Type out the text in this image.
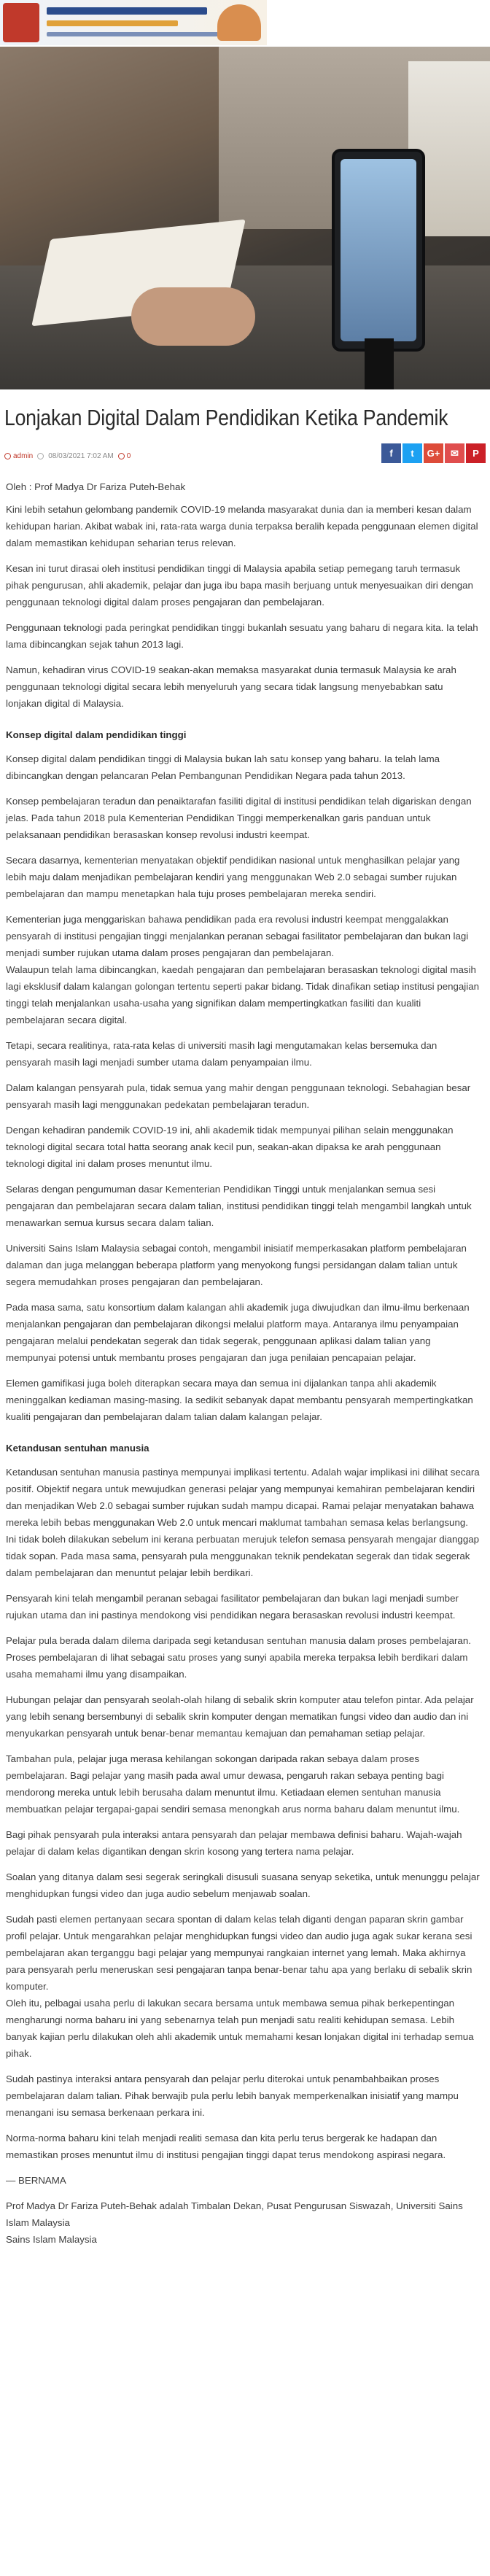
Lonjakan Digital Dalam Pendidikan Ketika Pandemik
admin 08/03/2021 7:02 AM	0	f	t	G+	✉	P

Oleh : Prof Madya Dr Fariza Puteh-Behak

Kini lebih setahun gelombang pandemik COVID-19 melanda masyarakat dunia dan ia memberi kesan dalam kehidupan harian. Akibat wabak ini, rata-rata warga dunia terpaksa beralih kepada penggunaan elemen digital dalam memastikan kehidupan seharian terus relevan.

Kesan ini turut dirasai oleh institusi pendidikan tinggi di Malaysia apabila setiap pemegang taruh termasuk pihak pengurusan, ahli akademik, pelajar dan juga ibu bapa masih berjuang untuk menyesuaikan diri dengan penggunaan teknologi digital dalam proses pengajaran dan pembelajaran.

Penggunaan teknologi pada peringkat pendidikan tinggi bukanlah sesuatu yang baharu di negara kita. Ia telah lama dibincangkan sejak tahun 2013 lagi.

Namun, kehadiran virus COVID-19 seakan-akan memaksa masyarakat dunia termasuk Malaysia ke arah penggunaan teknologi digital secara lebih menyeluruh yang secara tidak langsung menyebabkan satu lonjakan digital di Malaysia.

Konsep digital dalam pendidikan tinggi

Konsep digital dalam pendidikan tinggi di Malaysia bukan lah satu konsep yang baharu. Ia telah lama dibincangkan dengan pelancaran Pelan Pembangunan Pendidikan Negara pada tahun 2013.

Konsep pembelajaran teradun dan penaiktarafan fasiliti digital di institusi pendidikan telah digariskan dengan jelas. Pada tahun 2018 pula Kementerian Pendidikan Tinggi memperkenalkan garis panduan untuk pelaksanaan pendidikan berasaskan konsep revolusi industri keempat.

Secara dasarnya, kementerian menyatakan objektif pendidikan nasional untuk menghasilkan pelajar yang lebih maju dalam menjadikan pembelajaran kendiri yang menggunakan Web 2.0 sebagai sumber rujukan pembelajaran dan mampu menetapkan hala tuju proses pembelajaran mereka sendiri.

Kementerian juga menggariskan bahawa pendidikan pada era revolusi industri keempat menggalakkan pensyarah di institusi pengajian tinggi menjalankan peranan sebagai fasilitator pembelajaran dan bukan lagi menjadi sumber rujukan utama dalam proses pengajaran dan pembelajaran.

Walaupun telah lama dibincangkan, kaedah pengajaran dan pembelajaran berasaskan teknologi digital masih lagi eksklusif dalam kalangan golongan tertentu seperti pakar bidang. Tidak dinafikan setiap institusi pengajian tinggi telah menjalankan usaha-usaha yang signifikan dalam mempertingkatkan fasiliti dan kualiti pembelajaran secara digital.

Tetapi, secara realitinya, rata-rata kelas di universiti masih lagi mengutamakan kelas bersemuka dan pensyarah masih lagi menjadi sumber utama dalam penyampaian ilmu.

Dalam kalangan pensyarah pula, tidak semua yang mahir dengan penggunaan teknologi. Sebahagian besar pensyarah masih lagi menggunakan pedekatan pembelajaran teradun.

Dengan kehadiran pandemik COVID-19 ini, ahli akademik tidak mempunyai pilihan selain menggunakan teknologi digital secara total hatta seorang anak kecil pun, seakan-akan dipaksa ke arah penggunaan teknologi digital ini dalam proses menuntut ilmu.

Selaras dengan pengumuman dasar Kementerian Pendidikan Tinggi untuk menjalankan semua sesi pengajaran dan pembelajaran secara dalam talian, institusi pendidikan tinggi telah mengambil langkah untuk menawarkan semua kursus secara dalam talian.

Universiti Sains Islam Malaysia sebagai contoh, mengambil inisiatif memperkasakan platform pembelajaran dalaman dan juga melanggan beberapa platform yang menyokong fungsi persidangan dalam talian untuk segera memudahkan proses pengajaran dan pembelajaran.

Pada masa sama, satu konsortium dalam kalangan ahli akademik juga diwujudkan dan ilmu-ilmu berkenaan menjalankan pengajaran dan pembelajaran dikongsi melalui platform maya. Antaranya ilmu penyampaian pengajaran melalui pendekatan segerak dan tidak segerak, penggunaan aplikasi dalam talian yang mempunyai potensi untuk membantu proses pengajaran dan juga penilaian pencapaian pelajar.

Elemen gamifikasi juga boleh diterapkan secara maya dan semua ini dijalankan tanpa ahli akademik meninggalkan kediaman masing-masing. Ia sedikit sebanyak dapat membantu pensyarah mempertingkatkan kualiti pengajaran dan pembelajaran dalam talian dalam kalangan pelajar.

Ketandusan sentuhan manusia

Ketandusan sentuhan manusia pastinya mempunyai implikasi tertentu. Adalah wajar implikasi ini dilihat secara positif. Objektif negara untuk mewujudkan generasi pelajar yang mempunyai kemahiran pembelajaran kendiri dan menjadikan Web 2.0 sebagai sumber rujukan sudah mampu dicapai. Ramai pelajar menyatakan bahawa mereka lebih bebas menggunakan Web 2.0 untuk mencari maklumat tambahan semasa kelas berlangsung. Ini tidak boleh dilakukan sebelum ini kerana perbuatan merujuk telefon semasa pensyarah mengajar dianggap tidak sopan. Pada masa sama, pensyarah pula menggunakan teknik pendekatan segerak dan tidak segerak dalam pembelajaran dan menuntut pelajar lebih berdikari.

Pensyarah kini telah mengambil peranan sebagai fasilitator pembelajaran dan bukan lagi menjadi sumber rujukan utama dan ini pastinya mendokong visi pendidikan negara berasaskan revolusi industri keempat.

Pelajar pula berada dalam dilema daripada segi ketandusan sentuhan manusia dalam proses pembelajaran. Proses pembelajaran di lihat sebagai satu proses yang sunyi apabila mereka terpaksa lebih berdikari dalam usaha memahami ilmu yang disampaikan.

Hubungan pelajar dan pensyarah seolah-olah hilang di sebalik skrin komputer atau telefon pintar. Ada pelajar yang lebih senang bersembunyi di sebalik skrin komputer dengan mematikan fungsi video dan audio dan ini menyukarkan pensyarah untuk benar-benar memantau kemajuan dan pemahaman setiap pelajar.

Tambahan pula, pelajar juga merasa kehilangan sokongan daripada rakan sebaya dalam proses pembelajaran. Bagi pelajar yang masih pada awal umur dewasa, pengaruh rakan sebaya penting bagi mendorong mereka untuk lebih berusaha dalam menuntut ilmu. Ketiadaan elemen sentuhan manusia membuatkan pelajar tergapai-gapai sendiri semasa menongkah arus norma baharu dalam menuntut ilmu.

Bagi pihak pensyarah pula interaksi antara pensyarah dan pelajar membawa definisi baharu. Wajah-wajah pelajar di dalam kelas digantikan dengan skrin kosong yang tertera nama pelajar.

Soalan yang ditanya dalam sesi segerak seringkali disusuli suasana senyap seketika, untuk menunggu pelajar menghidupkan fungsi video dan juga audio sebelum menjawab soalan.

Sudah pasti elemen pertanyaan secara spontan di dalam kelas telah diganti dengan paparan skrin gambar profil pelajar. Untuk mengarahkan pelajar menghidupkan fungsi video dan audio juga agak sukar kerana sesi pembelajaran akan terganggu bagi pelajar yang mempunyai rangkaian internet yang lemah. Maka akhirnya para pensyarah perlu meneruskan sesi pengajaran tanpa benar-benar tahu apa yang berlaku di sebalik skrin komputer.

Oleh itu, pelbagai usaha perlu di lakukan secara bersama untuk membawa semua pihak berkepentingan mengharungi norma baharu ini yang sebenarnya telah pun menjadi satu realiti kehidupan semasa. Lebih banyak kajian perlu dilakukan oleh ahli akademik untuk memahami kesan lonjakan digital ini terhadap semua pihak.

Sudah pastinya interaksi antara pensyarah dan pelajar perlu diterokai untuk penambahbaikan proses pembelajaran dalam talian. Pihak berwajib pula perlu lebih banyak memperkenalkan inisiatif yang mampu menangani isu semasa berkenaan perkara ini.

Norma-norma baharu kini telah menjadi realiti semasa dan kita perlu terus bergerak ke hadapan dan memastikan proses menuntut ilmu di institusi pengajian tinggi dapat terus mendokong aspirasi negara.

— BERNAMA

Prof Madya Dr Fariza Puteh-Behak adalah Timbalan Dekan, Pusat Pengurusan Siswazah, Universiti Sains Islam Malaysia

Sains Islam Malaysia
